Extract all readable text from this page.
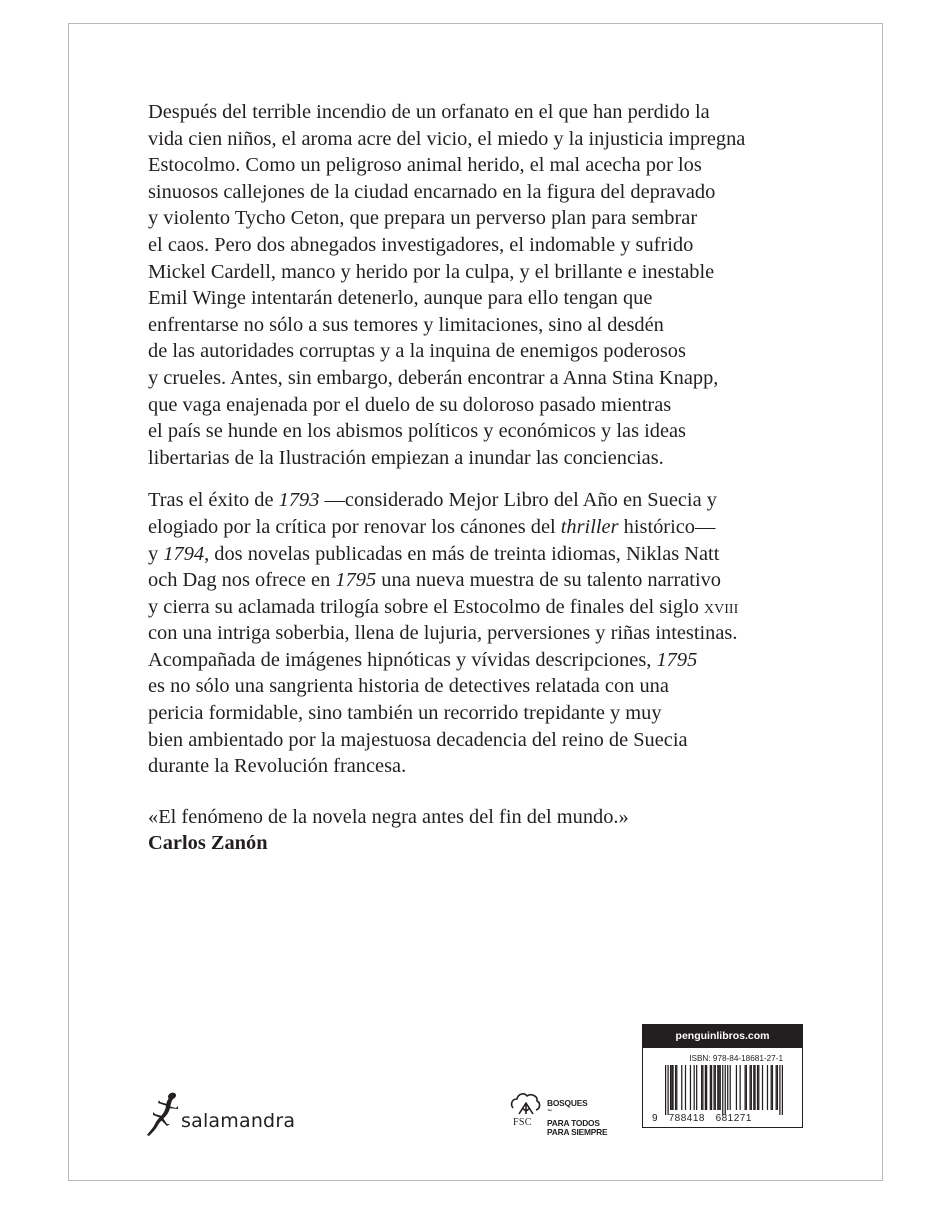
Después del terrible incendio de un orfanato en el que han perdido la
vida cien niños, el aroma acre del vicio, el miedo y la injusticia impregna
Estocolmo. Como un peligroso animal herido, el mal acecha por los
sinuosos callejones de la ciudad encarnado en la figura del depravado
y violento Tycho Ceton, que prepara un perverso plan para sembrar
el caos. Pero dos abnegados investigadores, el indomable y sufrido
Mickel Cardell, manco y herido por la culpa, y el brillante e inestable
Emil Winge intentarán detenerlo, aunque para ello tengan que
enfrentarse no sólo a sus temores y limitaciones, sino al desdén
de las autoridades corruptas y a la inquina de enemigos poderosos
y crueles. Antes, sin embargo, deberán encontrar a Anna Stina Knapp,
que vaga enajenada por el duelo de su doloroso pasado mientras
el país se hunde en los abismos políticos y económicos y las ideas
libertarias de la Ilustración empiezan a inundar las conciencias.

Tras el éxito de 1793 —considerado Mejor Libro del Año en Suecia y
elogiado por la crítica por renovar los cánones del thriller histórico—
y 1794, dos novelas publicadas en más de treinta idiomas, Niklas Natt
och Dag nos ofrece en 1795 una nueva muestra de su talento narrativo
y cierra su aclamada trilogía sobre el Estocolmo de finales del siglo xviii
con una intriga soberbia, llena de lujuria, perversiones y riñas intestinas.
Acompañada de imágenes hipnóticas y vívidas descripciones, 1795
es no sólo una sangrienta historia de detectives relatada con una
pericia formidable, sino también un recorrido trepidante y muy
bien ambientado por la majestuosa decadencia del reino de Suecia
durante la Revolución francesa.

«El fenómeno de la novela negra antes del fin del mundo.»
Carlos Zanón

salamandra	FSC
BOSQUES
™
PARA TODOS
PARA SIEMPRE
penguinlibros.com
ISBN: 978-84-18681-27-1
9 788418 681271
